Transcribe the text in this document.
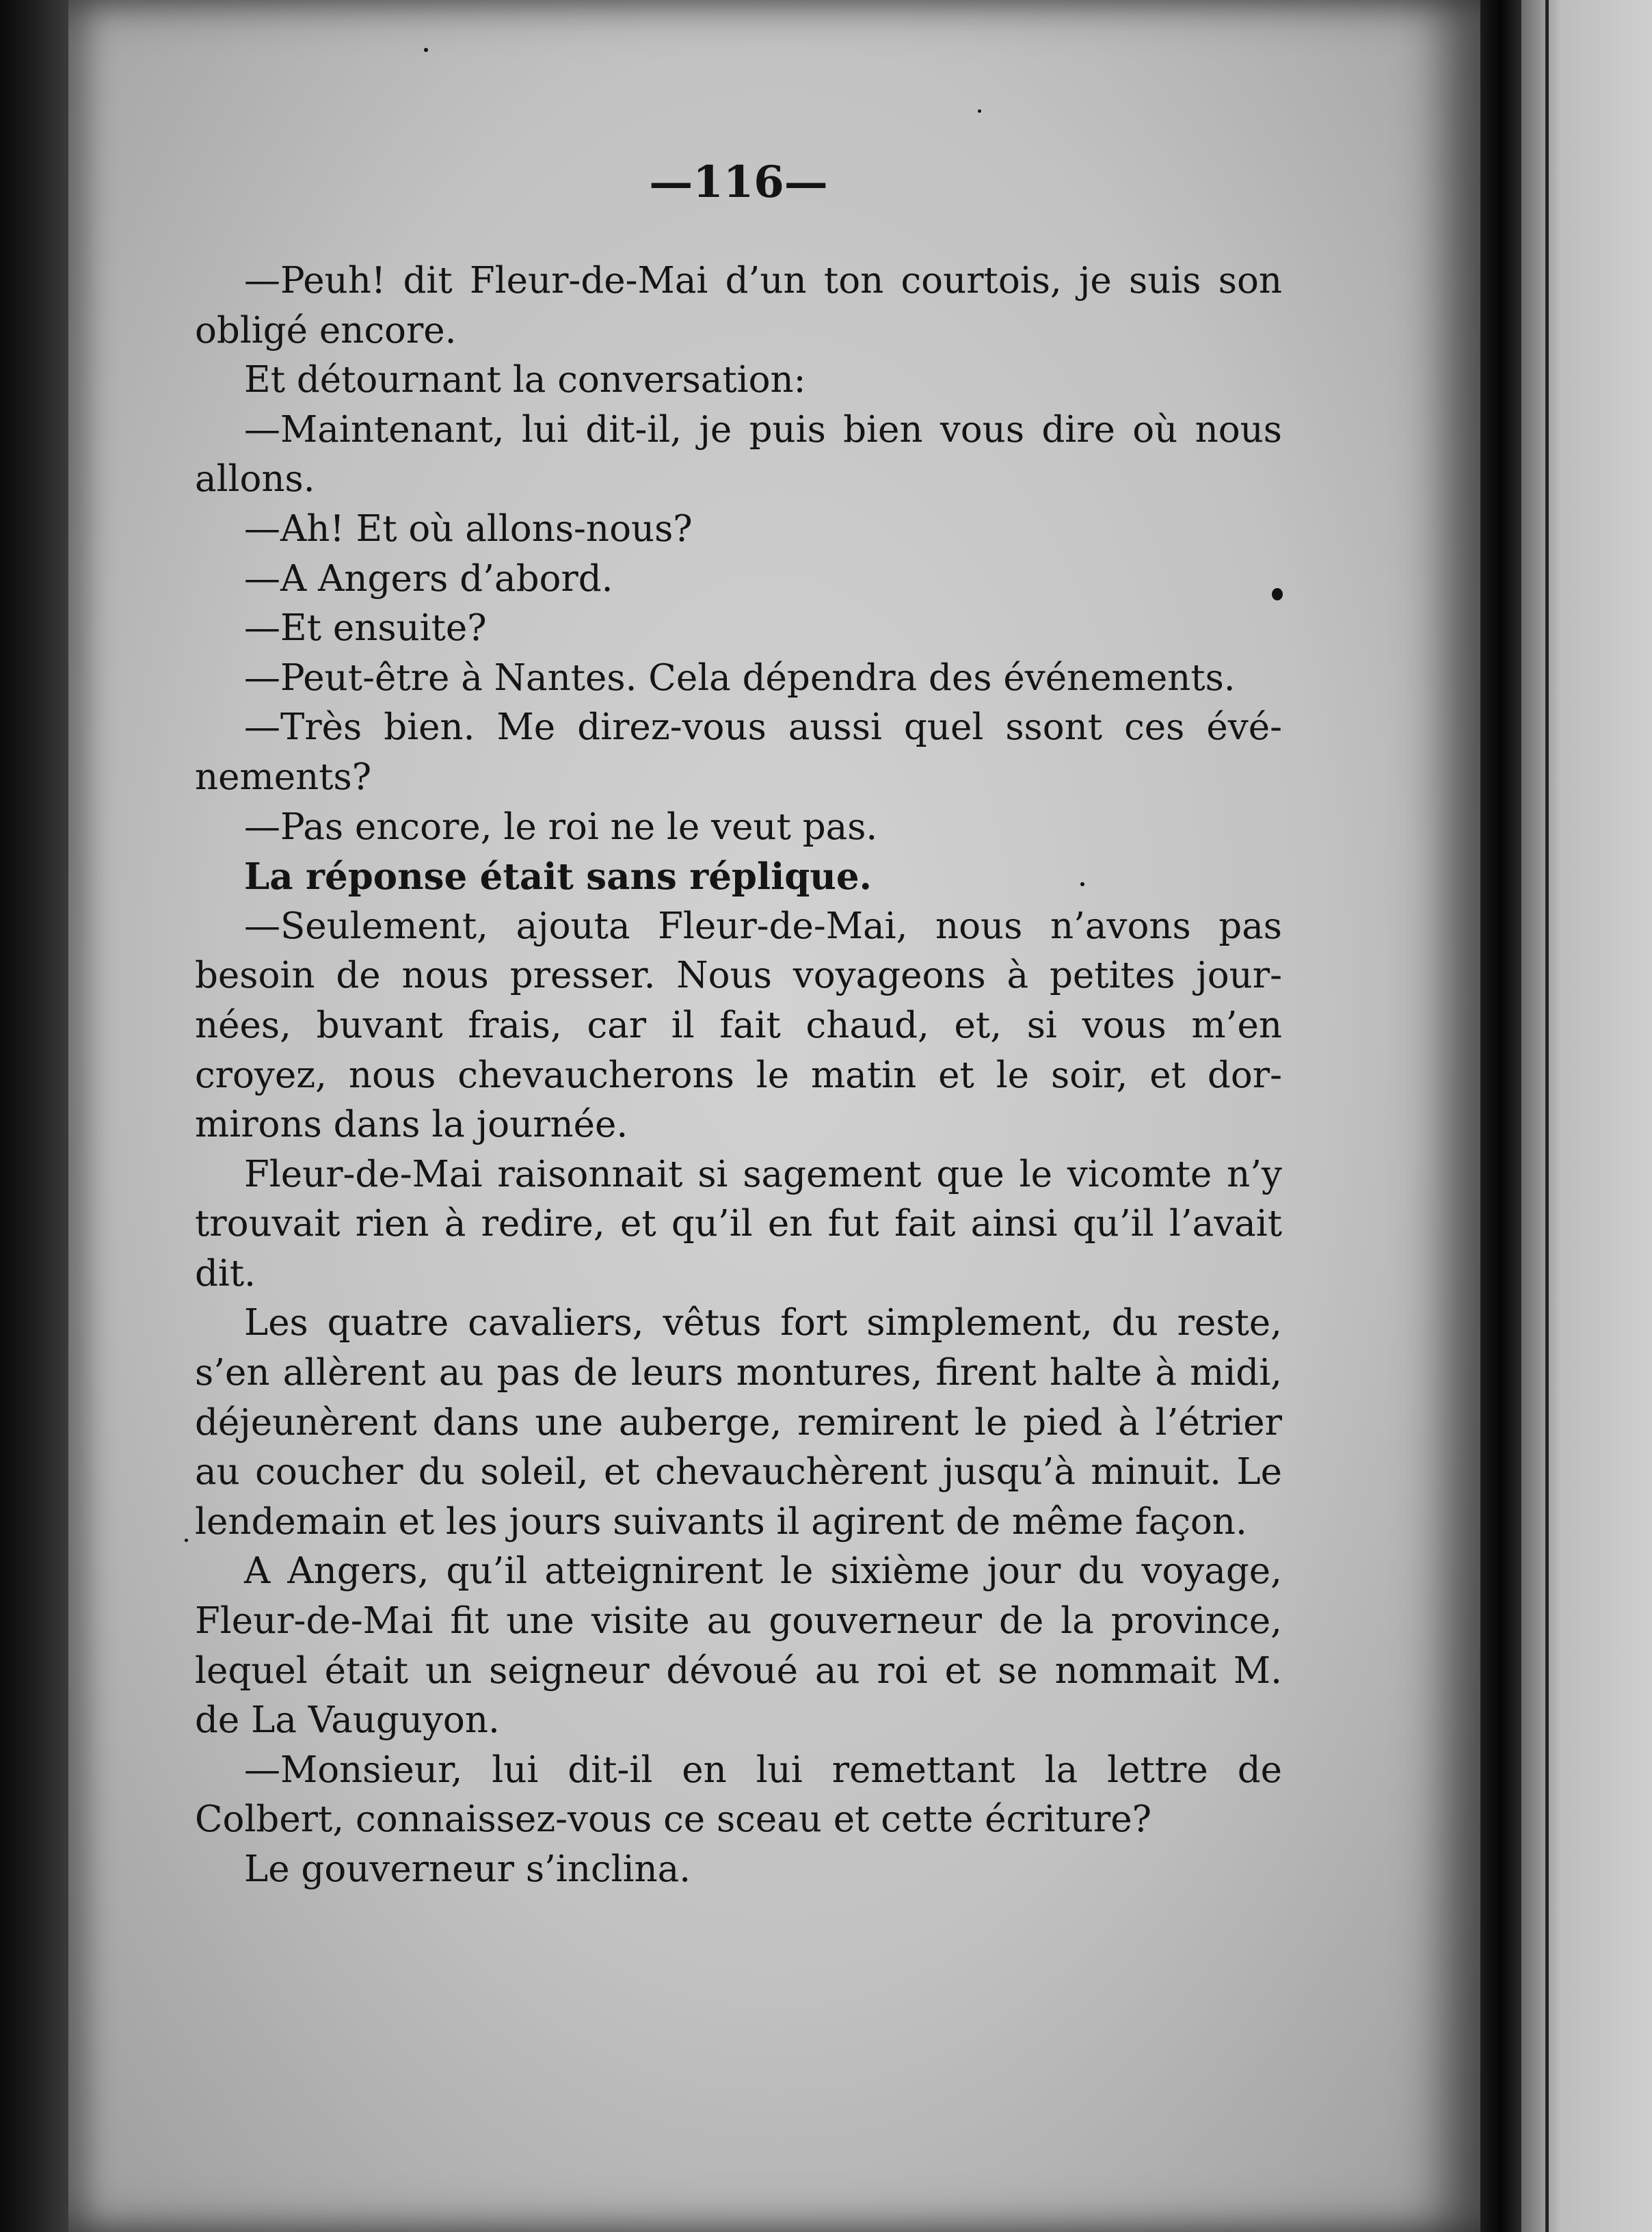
—116—

—Peuh! dit Fleur-de-Mai d’un ton courtois, je suis son obligé encore.

Et détournant la conversation:

—Maintenant, lui dit-il, je puis bien vous dire où nous allons.

—Ah! Et où allons-nous?

—A Angers d’abord.

—Et ensuite?

—Peut-être à Nantes. Cela dépendra des événements.

—Très bien. Me direz-vous aussi quel ssont ces événements?

—Pas encore, le roi ne le veut pas.

La réponse était sans réplique.

—Seulement, ajouta Fleur-de-Mai, nous n’avons pas besoin de nous presser. Nous voyageons à petites journées, buvant frais, car il fait chaud, et, si vous m’en croyez, nous chevaucherons le matin et le soir, et dormirons dans la journée.

Fleur-de-Mai raisonnait si sagement que le vicomte n’y trouvait rien à redire, et qu’il en fut fait ainsi qu’il l’avait dit.

Les quatre cavaliers, vêtus fort simplement, du reste, s’en allèrent au pas de leurs montures, firent halte à midi, déjeunèrent dans une auberge, remirent le pied à l’étrier au coucher du soleil, et chevauchèrent jusqu’à minuit. Le lendemain et les jours suivants il agirent de même façon.

A Angers, qu’il atteignirent le sixième jour du voyage, Fleur-de-Mai fit une visite au gouverneur de la province, lequel était un seigneur dévoué au roi et se nommait M. de La Vauguyon.

—Monsieur, lui dit-il en lui remettant la lettre de Colbert, connaissez-vous ce sceau et cette écriture?

Le gouverneur s’inclina.
